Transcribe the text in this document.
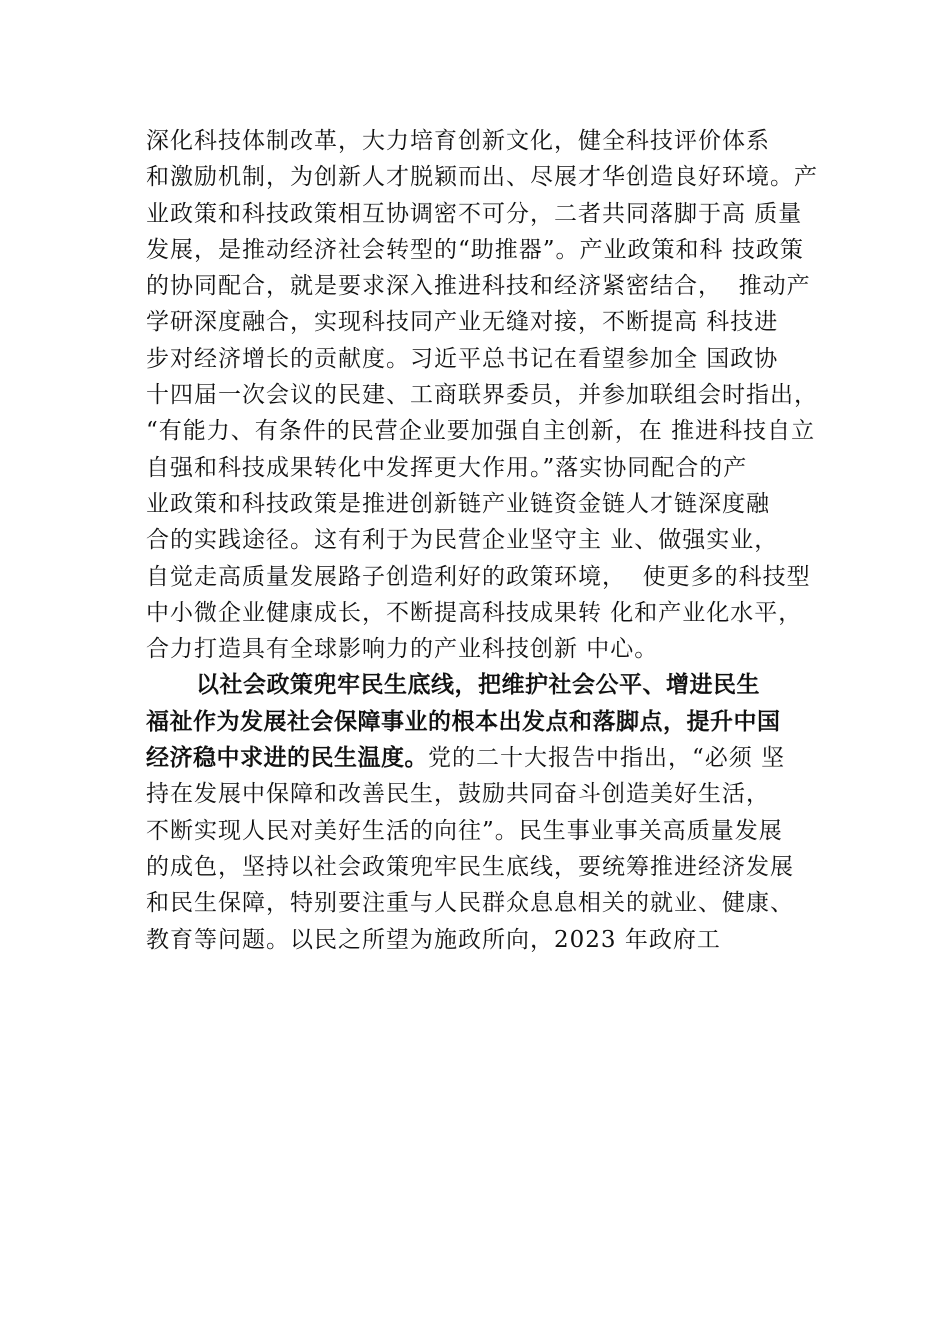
深化科技体制改革，大力培育创新文化，健全科技评价体系
和激励机制，为创新人才脱颖而出、尽展才华创造良好环境。产
业政策和科技政策相互协调密不可分，二者共同落脚于高 质量
发展，是推动经济社会转型的“助推器”。产业政策和科 技政策
的协同配合，就是要求深入推进科技和经济紧密结合，  推动产
学研深度融合，实现科技同产业无缝对接，不断提高 科技进
步对经济增长的贡献度。习近平总书记在看望参加全 国政协
十四届一次会议的民建、工商联界委员，并参加联组会时指出，
“有能力、有条件的民营企业要加强自主创新，在 推进科技自立
自强和科技成果转化中发挥更大作用。”落实协同配合的产
业政策和科技政策是推进创新链产业链资金链人才链深度融
合的实践途径。这有利于为民营企业坚守主 业、做强实业，
自觉走高质量发展路子创造利好的政策环境，  使更多的科技型
中小微企业健康成长，不断提高科技成果转 化和产业化水平，
合力打造具有全球影响力的产业科技创新 中心。
以社会政策兜牢民生底线，把维护社会公平、增进民生
福祉作为发展社会保障事业的根本出发点和落脚点，提升中国
经济稳中求进的民生温度。党的二十大报告中指出，“必须 坚
持在发展中保障和改善民生，鼓励共同奋斗创造美好生活，
不断实现人民对美好生活的向往”。民生事业事关高质量发展
的成色，坚持以社会政策兜牢民生底线，要统筹推进经济发展
和民生保障，特别要注重与人民群众息息相关的就业、健康、
教育等问题。以民之所望为施政所向，2023 年政府工
